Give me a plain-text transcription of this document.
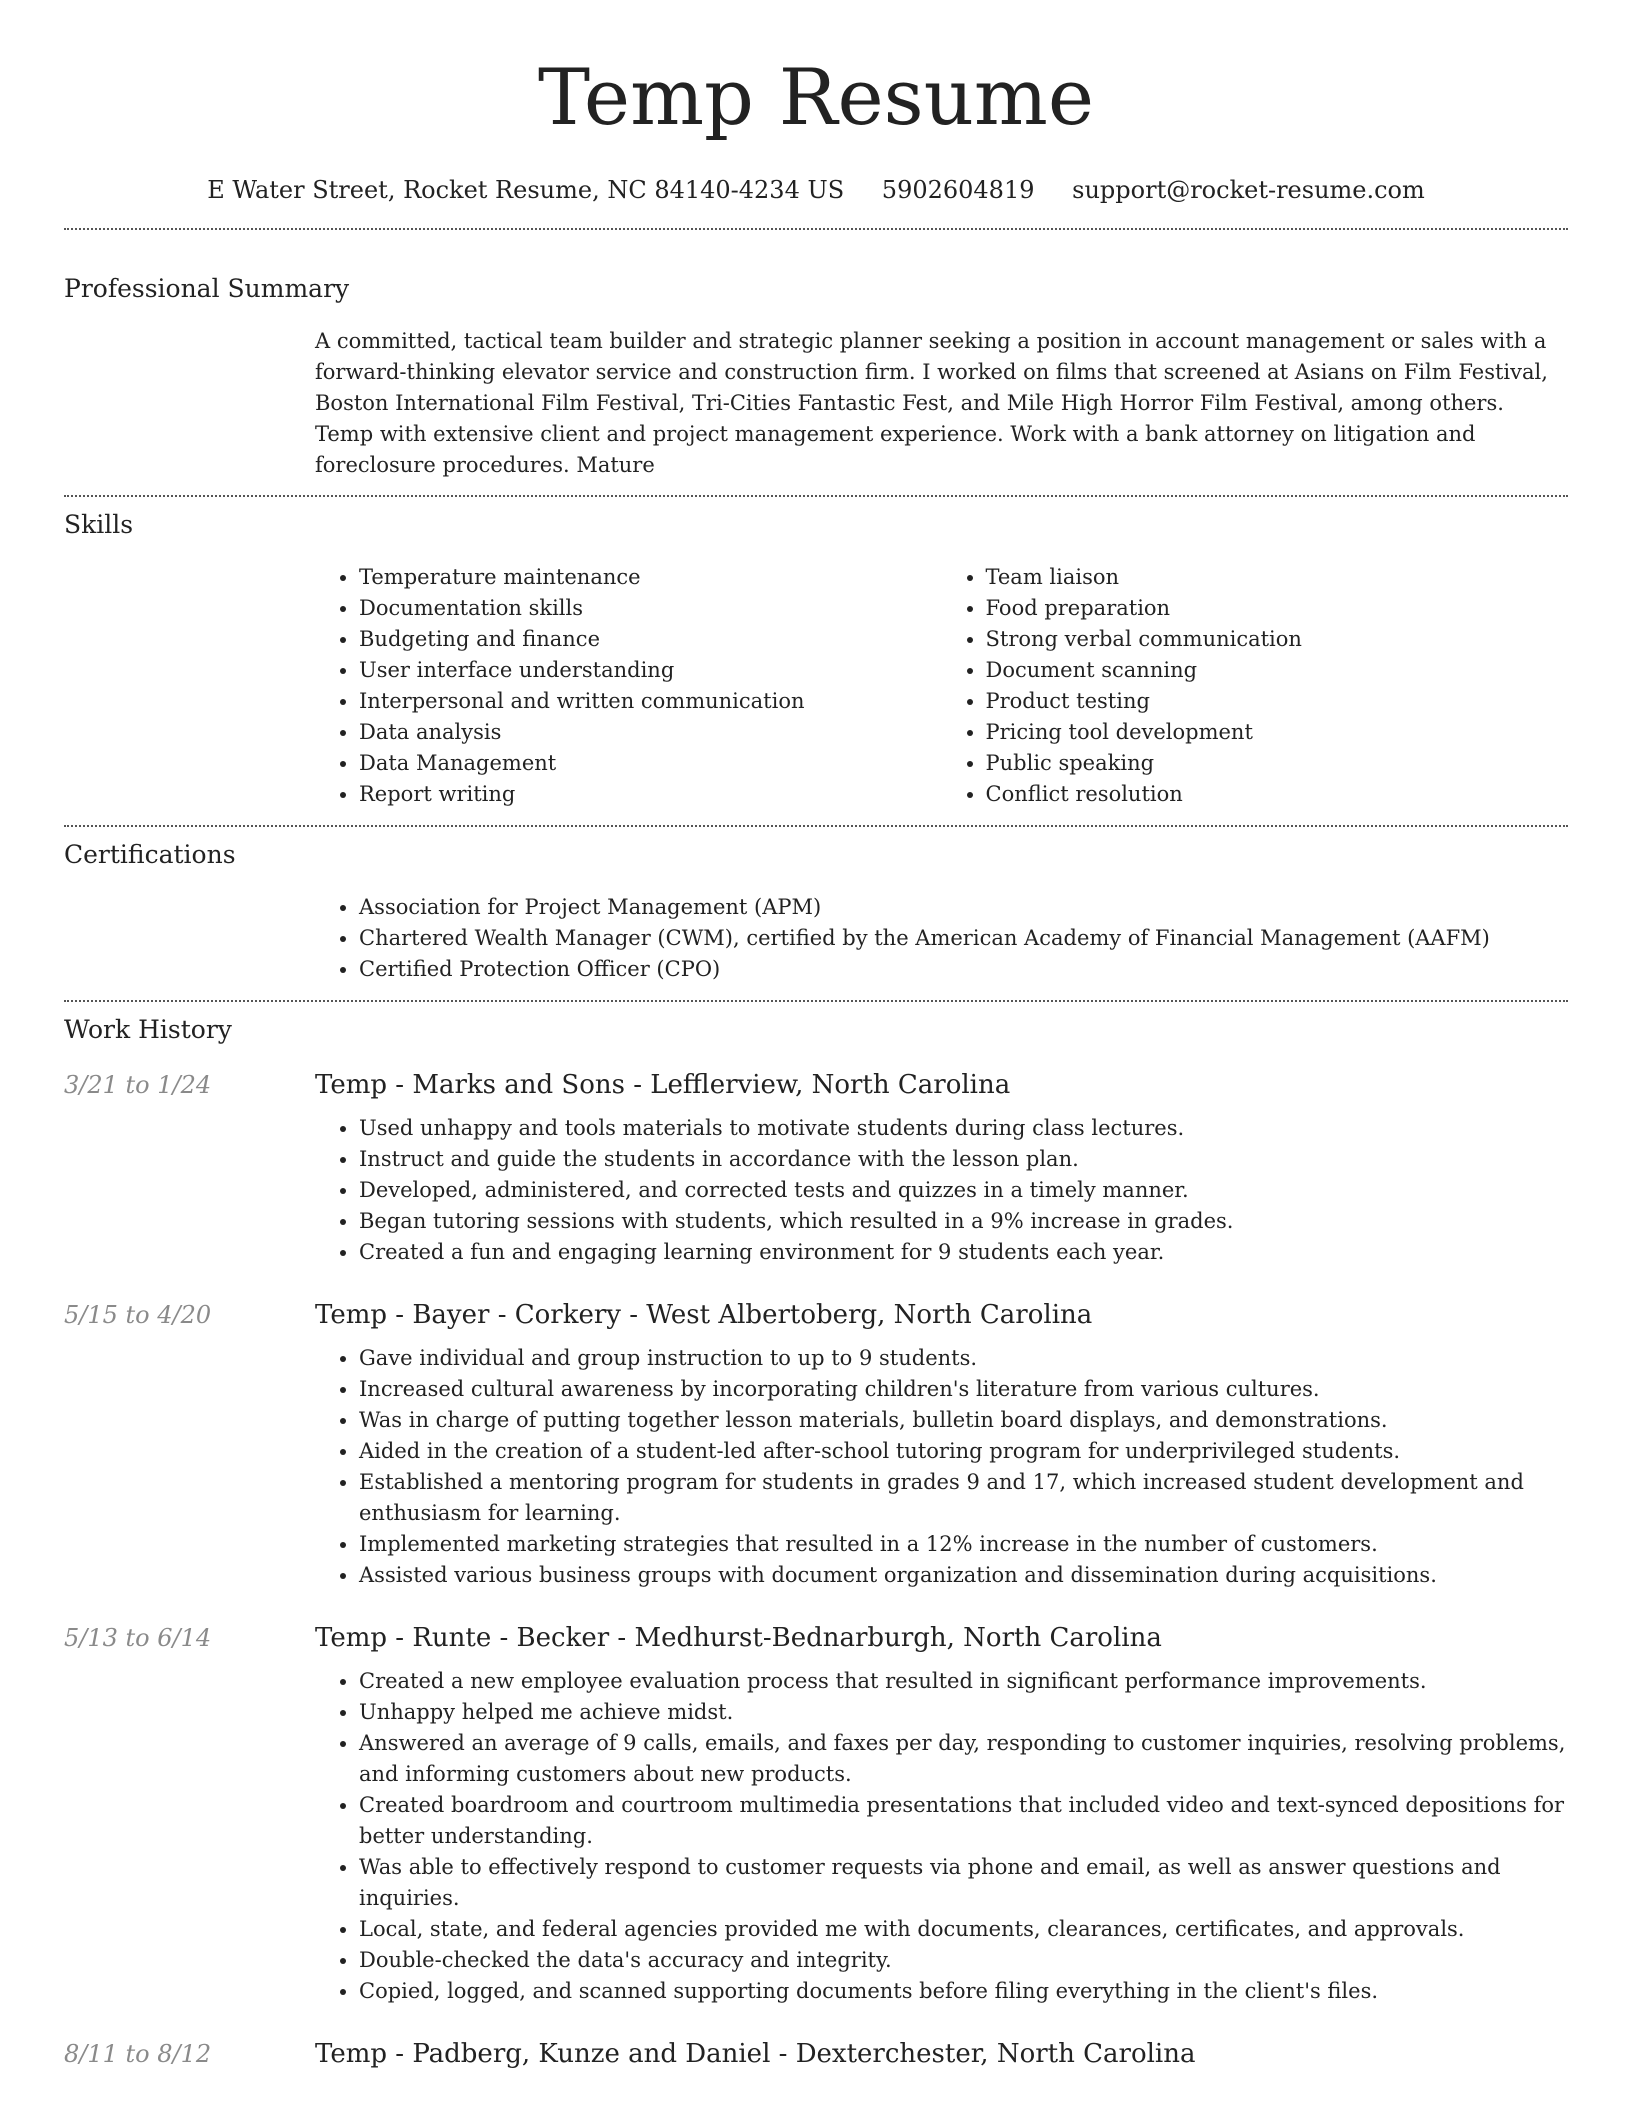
Temp Resume
E Water Street, Rocket Resume, NC 84140-4234 US 5902604819 support@rocket-resume.com
Professional Summary

A committed, tactical team builder and strategic planner seeking a position in account management or sales with a forward-thinking elevator service and construction firm. I worked on films that screened at Asians on Film Festival, Boston International Film Festival, Tri-Cities Fantastic Fest, and Mile High Horror Film Festival, among others. Temp with extensive client and project management experience. Work with a bank attorney on litigation and foreclosure procedures. Mature

Skills
• Temperature maintenance
• Documentation skills
• Budgeting and finance
• User interface understanding
• Interpersonal and written communication
• Data analysis
• Data Management
• Report writing
• Team liaison
• Food preparation
• Strong verbal communication
• Document scanning
• Product testing
• Pricing tool development
• Public speaking
• Conflict resolution
Certifications
• Association for Project Management (APM)
• Chartered Wealth Manager (CWM), certified by the American Academy of Financial Management (AAFM)
• Certified Protection Officer (CPO)
Work History
3/21 to 1/24	Temp - Marks and Sons - Lefflerview, North Carolina
• Used unhappy and tools materials to motivate students during class lectures.
• Instruct and guide the students in accordance with the lesson plan.
• Developed, administered, and corrected tests and quizzes in a timely manner.
• Began tutoring sessions with students, which resulted in a 9% increase in grades.
• Created a fun and engaging learning environment for 9 students each year.
5/15 to 4/20	Temp - Bayer - Corkery - West Albertoberg, North Carolina
• Gave individual and group instruction to up to 9 students.
• Increased cultural awareness by incorporating children's literature from various cultures.
• Was in charge of putting together lesson materials, bulletin board displays, and demonstrations.
• Aided in the creation of a student-led after-school tutoring program for underprivileged students.
• Established a mentoring program for students in grades 9 and 17, which increased student development and enthusiasm for learning.
• Implemented marketing strategies that resulted in a 12% increase in the number of customers.
• Assisted various business groups with document organization and dissemination during acquisitions.
5/13 to 6/14	Temp - Runte - Becker - Medhurst-Bednarburgh, North Carolina
• Created a new employee evaluation process that resulted in significant performance improvements.
• Unhappy helped me achieve midst.
• Answered an average of 9 calls, emails, and faxes per day, responding to customer inquiries, resolving problems, and informing customers about new products.
• Created boardroom and courtroom multimedia presentations that included video and text-synced depositions for better understanding.
• Was able to effectively respond to customer requests via phone and email, as well as answer questions and inquiries.
• Local, state, and federal agencies provided me with documents, clearances, certificates, and approvals.
• Double-checked the data's accuracy and integrity.
• Copied, logged, and scanned supporting documents before filing everything in the client's files.
8/11 to 8/12	Temp - Padberg, Kunze and Daniel - Dexterchester, North Carolina
